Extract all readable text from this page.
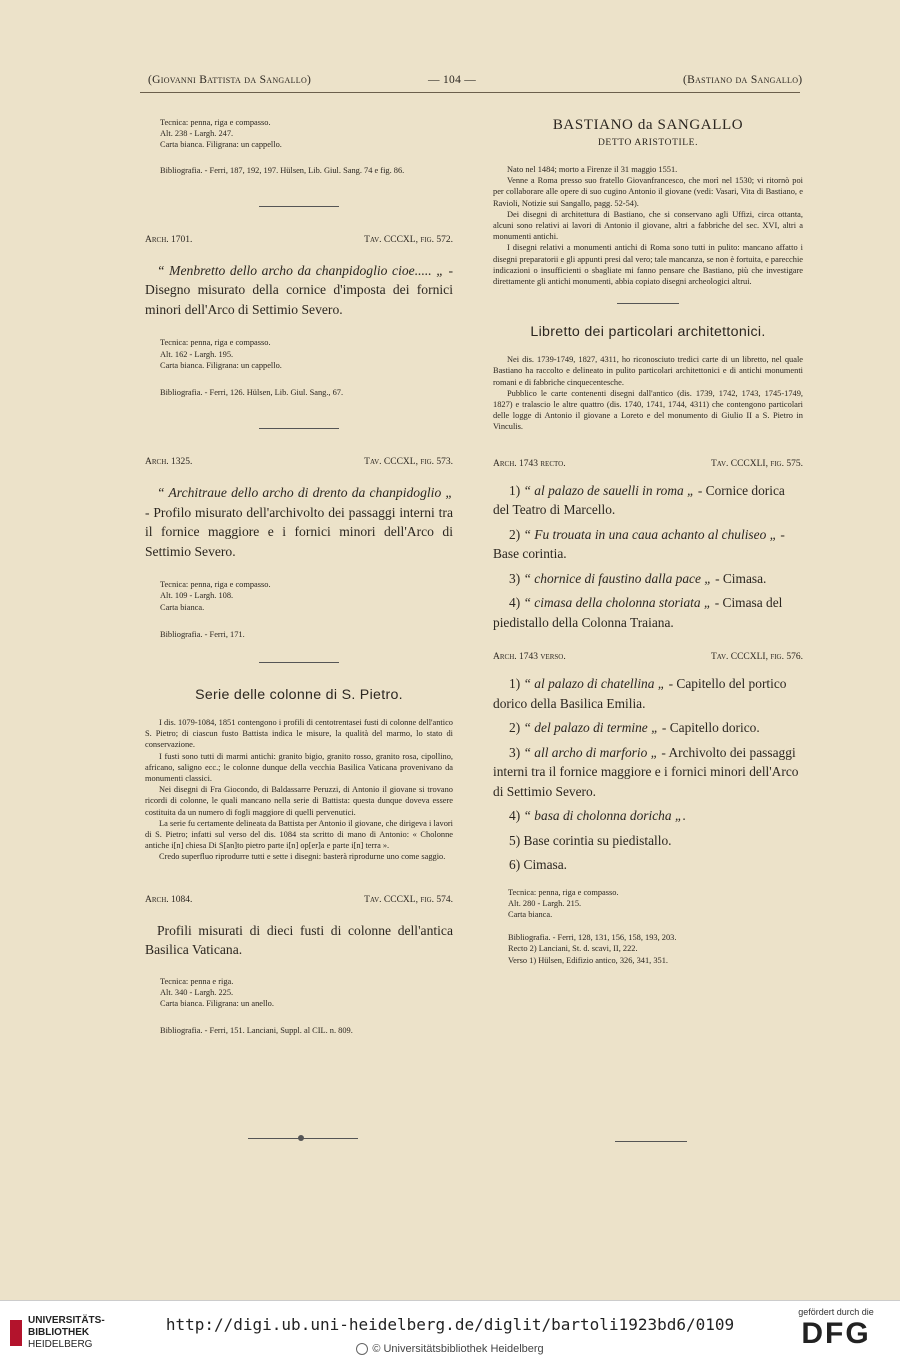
(Giovanni Battista da Sangallo)	— 104 —	(Bastiano da Sangallo)
Tecnica: penna, riga e compasso.
Alt. 238 - Largh. 247.
Carta bianca. Filigrana: un cappello.
Bibliografia. - Ferri, 187, 192, 197. Hülsen, Lib. Giul. Sang. 74 e fig. 86.
Arch. 1701.	Tav. CCCXL, fig. 572.
“ Menbretto dello archo da chanpidoglio cioe..... „ - Disegno misurato della cornice d'imposta dei fornici minori dell'Arco di Settimio Severo.
Tecnica: penna, riga e compasso.
Alt. 162 - Largh. 195.
Carta bianca. Filigrana: un cappello.
Bibliografia. - Ferri, 126. Hülsen, Lib. Giul. Sang., 67.
Arch. 1325.	Tav. CCCXL, fig. 573.
“ Architraue dello archo di drento da chanpidoglio „ - Profilo misurato dell'archivolto dei passaggi interni tra il fornice maggiore e i fornici minori dell'Arco di Settimio Severo.
Tecnica: penna, riga e compasso.
Alt. 109 - Largh. 108.
Carta bianca.
Bibliografia. - Ferri, 171.
Serie delle colonne di S. Pietro.
I dis. 1079-1084, 1851 contengono i profili di centotrentasei fusti di colonne dell'antico S. Pietro; di ciascun fusto Battista indica le misure, la qualità del marmo, lo stato di conservazione.
I fusti sono tutti di marmi antichi: granito bigio, granito rosso, granito rosa, cipollino, africano, saligno ecc.; le colonne dunque della vecchia Basilica Vaticana provenivano da monumenti classici.
Nei disegni di Fra Giocondo, di Baldassarre Peruzzi, di Antonio il giovane si trovano ricordi di colonne, le quali mancano nella serie di Battista: questa dunque doveva essere costituita da un numero di fogli maggiore di quelli pervenutici.
La serie fu certamente delineata da Battista per Antonio il giovane, che dirigeva i lavori di S. Pietro; infatti sul verso del dis. 1084 sta scritto di mano di Antonio: « Cholonne antiche i[n] chiesa Di S[an]to pietro parte i[n] op[er]a e parte i[n] terra ».
Credo superfluo riprodurre tutti e sette i disegni: basterà riprodurne uno come saggio.
Arch. 1084.	Tav. CCCXL, fig. 574.
Profili misurati di dieci fusti di colonne dell'antica Basilica Vaticana.
Tecnica: penna e riga.
Alt. 340 - Largh. 225.
Carta bianca. Filigrana: un anello.
Bibliografia. - Ferri, 151. Lanciani, Suppl. al CIL. n. 809.
BASTIANO da SANGALLO
DETTO ARISTOTILE.
Nato nel 1484; morto a Firenze il 31 maggio 1551.
Venne a Roma presso suo fratello Giovanfrancesco, che morì nel 1530; vi ritornò poi per collaborare alle opere di suo cugino Antonio il giovane (vedi: Vasari, Vita di Bastiano, e Ravioli, Notizie sui Sangallo, pagg. 52-54).
Dei disegni di architettura di Bastiano, che si conservano agli Uffizi, circa ottanta, alcuni sono relativi ai lavori di Antonio il giovane, altri a fabbriche del sec. XVI, altri a monumenti antichi.
I disegni relativi a monumenti antichi di Roma sono tutti in pulito: mancano affatto i disegni preparatorii e gli appunti presi dal vero; tale mancanza, se non è fortuita, e parecchie indicazioni o insufficienti o sbagliate mi fanno pensare che Bastiano, più che investigare direttamente gli antichi monumenti, abbia copiato disegni archeologici altrui.
Libretto dei particolari architettonici.
Nei dis. 1739-1749, 1827, 4311, ho riconosciuto tredici carte di un libretto, nel quale Bastiano ha raccolto e delineato in pulito particolari architettonici e di antichi monumenti romani e di fabbriche cinquecentesche.
Pubblico le carte contenenti disegni dall'antico (dis. 1739, 1742, 1743, 1745-1749, 1827) e tralascio le altre quattro (dis. 1740, 1741, 1744, 4311) che contengono particolari delle logge di Antonio il giovane a Loreto e del monumento di Giulio II a S. Pietro in Vinculis.
Arch. 1743 recto.	Tav. CCCXLI, fig. 575.
1) “ al palazo de sauelli in roma „ - Cornice dorica del Teatro di Marcello.
2) “ Fu trouata in una caua achanto al chuliseo „ - Base corintia.
3) “ chornice di faustino dalla pace „ - Cimasa.
4) “ cimasa della cholonna storiata „ - Cimasa del piedistallo della Colonna Traiana.
Arch. 1743 verso.	Tav. CCCXLI, fig. 576.
1) “ al palazo di chatellina „ - Capitello del portico dorico della Basilica Emilia.
2) “ del palazo di termine „ - Capitello dorico.
3) “ all archo di marforio „ - Archivolto dei passaggi interni tra il fornice maggiore e i fornici minori dell'Arco di Settimio Severo.
4) “ basa di cholonna doricha „.
5) Base corintia su piedistallo.
6) Cimasa.
Tecnica: penna, riga e compasso.
Alt. 280 - Largh. 215.
Carta bianca.
Bibliografia. - Ferri, 128, 131, 156, 158, 193, 203.
Recto 2) Lanciani, St. d. scavi, II, 222.
Verso 1) Hülsen, Edifizio antico, 326, 341, 351.
UNIVERSITÄTS-
BIBLIOTHEK
HEIDELBERG
http://digi.ub.uni-heidelberg.de/diglit/bartoli1923bd6/0109
© Universitätsbibliothek Heidelberg
gefördert durch die
DFG
